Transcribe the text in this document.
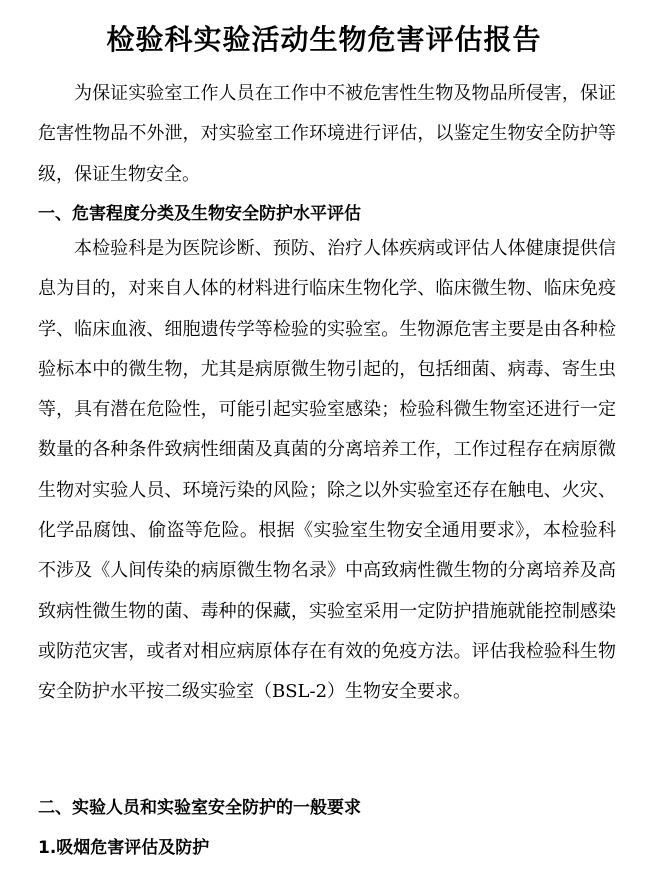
检验科实验活动生物危害评估报告

为保证实验室工作人员在工作中不被危害性生物及物品所侵害，保证危害性物品不外泄，对实验室工作环境进行评估，以鉴定生物安全防护等级，保证生物安全。

一、危害程度分类及生物安全防护水平评估

本检验科是为医院诊断、预防、治疗人体疾病或评估人体健康提供信息为目的，对来自人体的材料进行临床生物化学、临床微生物、临床免疫学、临床血液、细胞遗传学等检验的实验室。生物源危害主要是由各种检验标本中的微生物，尤其是病原微生物引起的，包括细菌、病毒、寄生虫等，具有潜在危险性，可能引起实验室感染；检验科微生物室还进行一定数量的各种条件致病性细菌及真菌的分离培养工作，工作过程存在病原微生物对实验人员、环境污染的风险；除之以外实验室还存在触电、火灾、化学品腐蚀、偷盗等危险。根据《实验室生物安全通用要求》，本检验科不涉及《人间传染的病原微生物名录》中高致病性微生物的分离培养及高致病性微生物的菌、毒种的保藏，实验室采用一定防护措施就能控制感染或防范灾害，或者对相应病原体存在有效的免疫方法。评估我检验科生物安全防护水平按二级实验室（BSL-2）生物安全要求。

二、实验人员和实验室安全防护的一般要求
1.吸烟危害评估及防护
